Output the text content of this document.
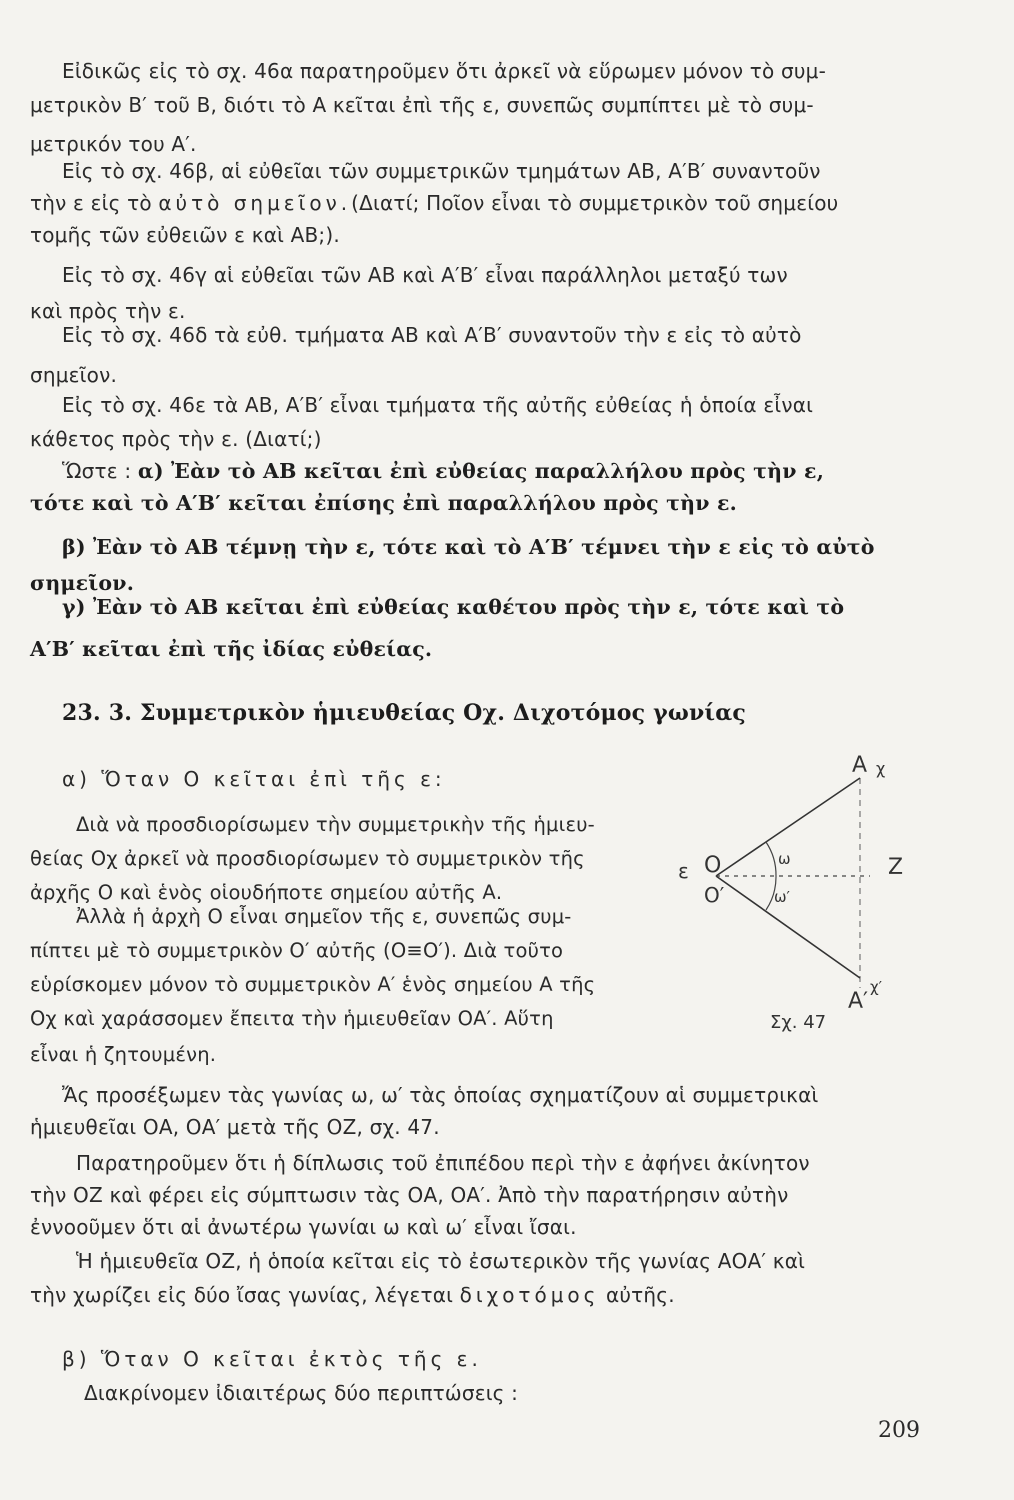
Εἰδικῶς εἰς τὸ σχ. 46α παρατηροῦμεν ὅτι ἀρκεῖ νὰ εὕρωμεν μόνον τὸ συμ-
μετρικὸν Β′ τοῦ Β, διότι τὸ Α κεῖται ἐπὶ τῆς ε, συνεπῶς συμπίπτει μὲ τὸ συμ-
μετρικόν του Α′.
Εἰς τὸ σχ. 46β, αἱ εὐθεῖαι τῶν συμμετρικῶν τμημάτων ΑΒ, Α′Β′ συναντοῦν
τὴν ε εἰς τὸ αὐτὸ σημεῖον.(Διατί; Ποῖον εἶναι τὸ συμμετρικὸν τοῦ σημείου
τομῆς τῶν εὐθειῶν ε καὶ ΑΒ;).
Εἰς τὸ σχ. 46γ αἱ εὐθεῖαι τῶν ΑΒ καὶ Α′Β′ εἶναι παράλληλοι μεταξύ των
καὶ πρὸς τὴν ε.
Εἰς τὸ σχ. 46δ τὰ εὐθ. τμήματα ΑΒ καὶ Α′Β′ συναντοῦν τὴν ε εἰς τὸ αὐτὸ
σημεῖον.
Εἰς τὸ σχ. 46ε τὰ ΑΒ, Α′Β′ εἶναι τμήματα τῆς αὐτῆς εὐθείας ἡ ὁποία εἶναι
κάθετος πρὸς τὴν ε. (Διατί;)
Ὥστε : α) Ἐὰν τὸ ΑΒ κεῖται ἐπὶ εὐθείας παραλλήλου πρὸς τὴν ε,
τότε καὶ τὸ Α′Β′ κεῖται ἐπίσης ἐπὶ παραλλήλου πρὸς τὴν ε.
β) Ἐὰν τὸ ΑΒ τέμνῃ τὴν ε, τότε καὶ τὸ Α′Β′ τέμνει τὴν ε εἰς τὸ αὐτὸ
σημεῖον.
γ) Ἐὰν τὸ ΑΒ κεῖται ἐπὶ εὐθείας καθέτου πρὸς τὴν ε, τότε καὶ τὸ
Α′Β′ κεῖται ἐπὶ τῆς ἰδίας εὐθείας.
23. 3. Συμμετρικὸν ἡμιευθείας Οχ. Διχοτόμος γωνίας
α) Ὅταν Ο κεῖται ἐπὶ τῆς ε:
Διὰ νὰ προσδιορίσωμεν τὴν συμμετρικὴν τῆς ἡμιευ-
θείας Οχ ἀρκεῖ νὰ προσδιορίσωμεν τὸ συμμετρικὸν τῆς
ἀρχῆς Ο καὶ ἑνὸς οἱουδήποτε σημείου αὐτῆς Α.
Ἀλλὰ ἡ ἀρχὴ Ο εἶναι σημεῖον τῆς ε, συνεπῶς συμ-
πίπτει μὲ τὸ συμμετρικὸν Ο′ αὐτῆς (Ο≡Ο′). Διὰ τοῦτο
εὑρίσκομεν μόνον τὸ συμμετρικὸν Α′ ἑνὸς σημείου Α τῆς
Οχ καὶ χαράσσομεν ἔπειτα τὴν ἡμιευθεῖαν ΟΑ′. Αὕτη
εἶναι ἡ ζητουμένη.
Ἄς προσέξωμεν τὰς γωνίας ω, ω′ τὰς ὁποίας σχηματίζουν αἱ συμμετρικαὶ
ἡμιευθεῖαι ΟΑ, ΟΑ′ μετὰ τῆς ΟΖ, σχ. 47.
Παρατηροῦμεν ὅτι ἡ δίπλωσις τοῦ ἐπιπέδου περὶ τὴν ε ἀφήνει ἀκίνητον
τὴν ΟΖ καὶ φέρει εἰς σύμπτωσιν τὰς ΟΑ, ΟΑ′. Ἀπὸ τὴν παρατήρησιν αὐτὴν
ἐννοοῦμεν ὅτι αἱ ἀνωτέρω γωνίαι ω καὶ ω′ εἶναι ἴσαι.
Ἡ ἡμιευθεῖα ΟΖ, ἡ ὁποία κεῖται εἰς τὸ ἐσωτερικὸν τῆς γωνίας ΑΟΑ′ καὶ
τὴν χωρίζει εἰς δύο ἴσας γωνίας, λέγεται διχοτόμος αὐτῆς.
β) Ὅταν Ο κεῖται ἐκτὸς τῆς ε.
Διακρίνομεν ἰδιαιτέρως δύο περιπτώσεις :
Α χ
ε Ο
Ο′
Ζ
ω
ω′
Α′
χ′
Σχ. 47
209
